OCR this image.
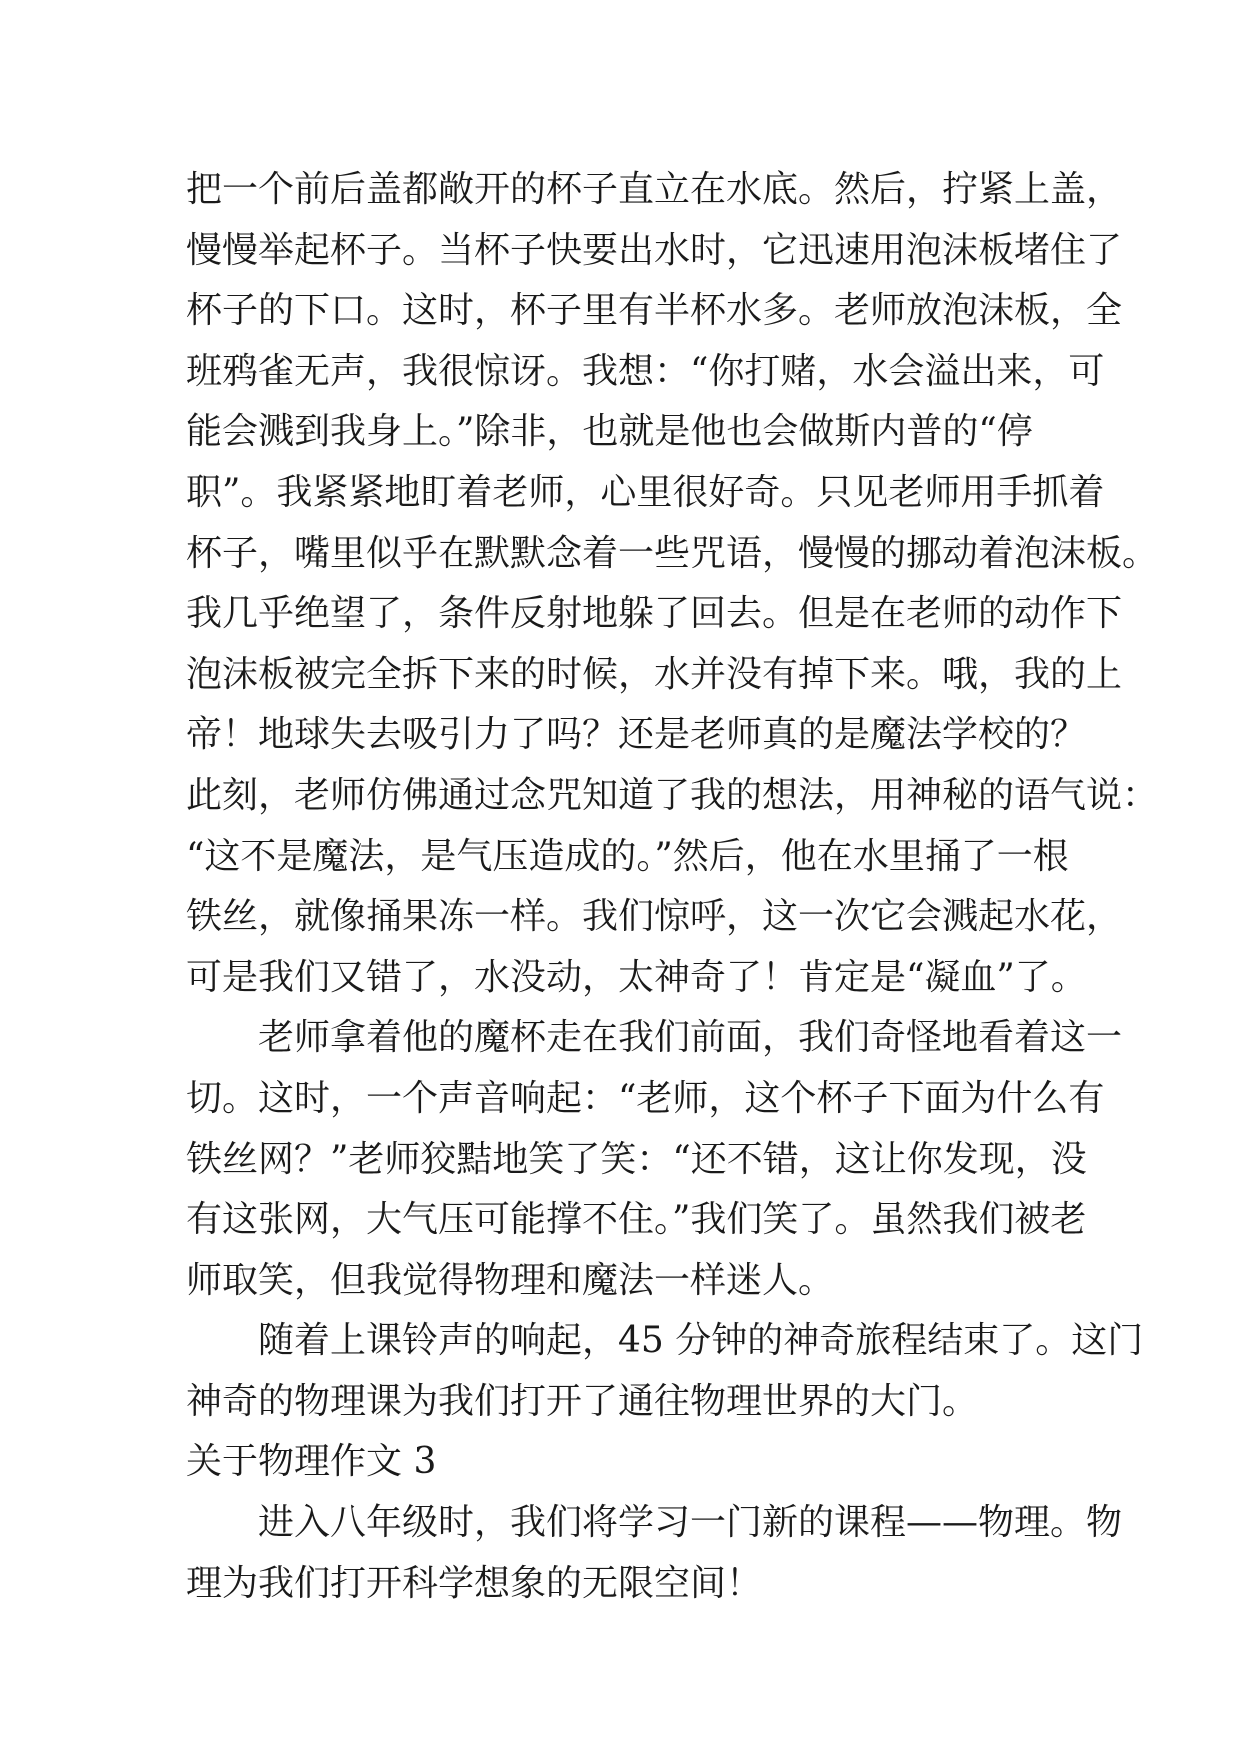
把一个前后盖都敞开的杯子直立在水底。然后，拧紧上盖，
慢慢举起杯子。当杯子快要出水时，它迅速用泡沫板堵住了
杯子的下口。这时，杯子里有半杯水多。老师放泡沫板，全
班鸦雀无声，我很惊讶。我想：“你打赌，水会溢出来，可
能会溅到我身上。”除非，也就是他也会做斯内普的“停
职”。我紧紧地盯着老师，心里很好奇。只见老师用手抓着
杯子，嘴里似乎在默默念着一些咒语，慢慢的挪动着泡沫板。
我几乎绝望了，条件反射地躲了回去。但是在老师的动作下
泡沫板被完全拆下来的时候，水并没有掉下来。哦，我的上
帝！地球失去吸引力了吗？还是老师真的是魔法学校的？
此刻，老师仿佛通过念咒知道了我的想法，用神秘的语气说：
“这不是魔法，是气压造成的。”然后，他在水里捅了一根
铁丝，就像捅果冻一样。我们惊呼，这一次它会溅起水花，
可是我们又错了，水没动，太神奇了！肯定是“凝血”了。
老师拿着他的魔杯走在我们前面，我们奇怪地看着这一
切。这时，一个声音响起：“老师，这个杯子下面为什么有
铁丝网？”老师狡黠地笑了笑：“还不错，这让你发现，没
有这张网，大气压可能撑不住。”我们笑了。虽然我们被老
师取笑，但我觉得物理和魔法一样迷人。
随着上课铃声的响起，45 分钟的神奇旅程结束了。这门
神奇的物理课为我们打开了通往物理世界的大门。
关于物理作文 3
进入八年级时，我们将学习一门新的课程——物理。物
理为我们打开科学想象的无限空间！
